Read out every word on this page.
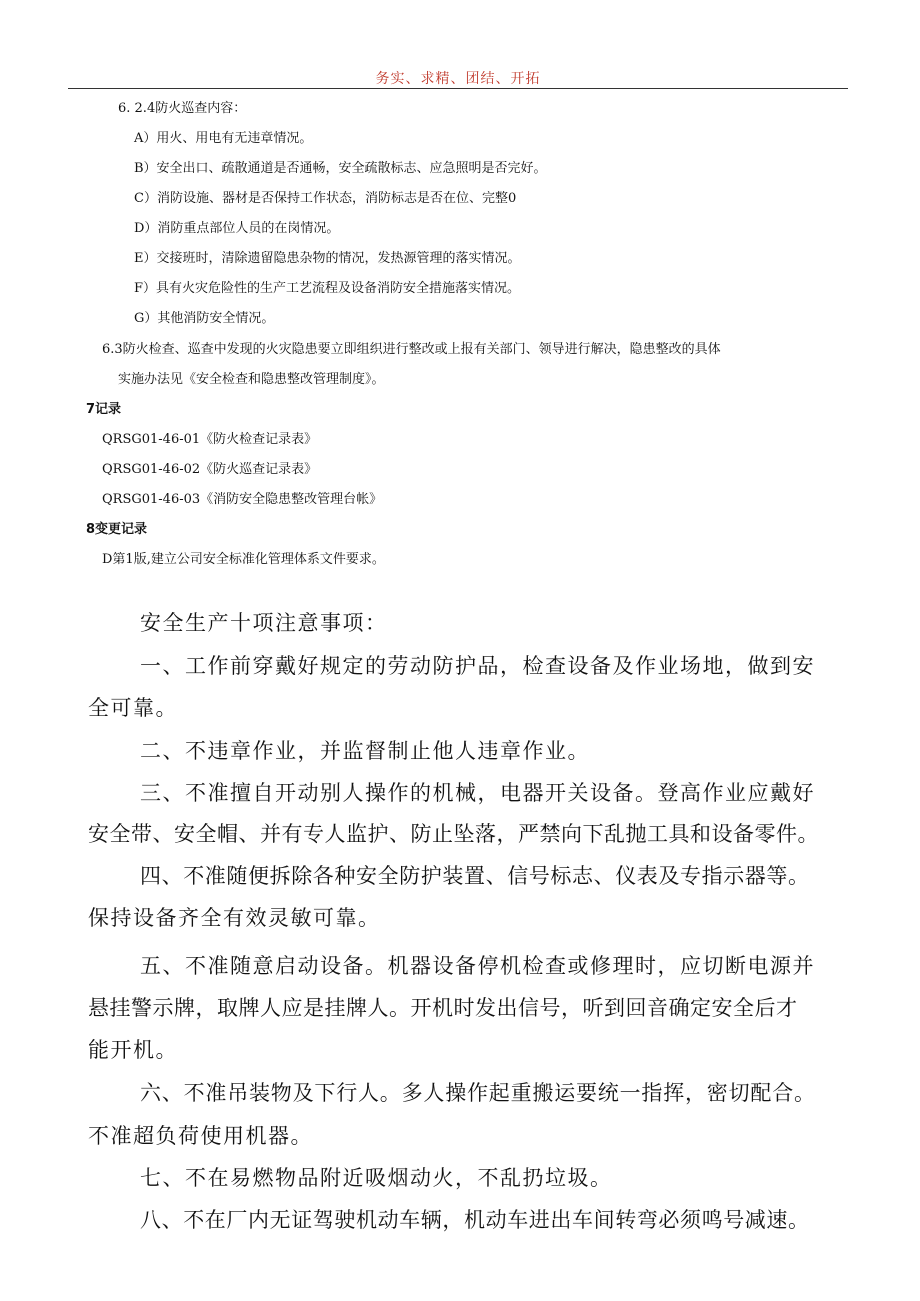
务实、求精、团结、开拓
6. 2.4防火巡查内容：
A）用火、用电有无违章情况。
B）安全出口、疏散通道是否通畅，安全疏散标志、应急照明是否完好。
C）消防设施、器材是否保持工作状态，消防标志是否在位、完整0
D）消防重点部位人员的在岗情况。
E）交接班时，清除遗留隐患杂物的情况，发热源管理的落实情况。
F）具有火灾危险性的生产工艺流程及设备消防安全措施落实情况。
G）其他消防安全情况。
6.3防火检查、巡查中发现的火灾隐患要立即组织进行整改或上报有关部门、领导进行解决，隐患整改的具体
实施办法见《安全检查和隐患整改管理制度》。
7记录
QRSG01-46-01《防火检查记录表》
QRSG01-46-02《防火巡查记录表》
QRSG01-46-03《消防安全隐患整改管理台帐》
8变更记录
D第1版,建立公司安全标准化管理体系文件要求。
安全生产十项注意事项：
一、工作前穿戴好规定的劳动防护品，检查设备及作业场地，做到安
全可靠。
二、不违章作业，并监督制止他人违章作业。
三、不准擅自开动别人操作的机械，电器开关设备。登高作业应戴好
安全带、安全帽、并有专人监护、防止坠落，严禁向下乱抛工具和设备零件。
四、不准随便拆除各种安全防护装置、信号标志、仪表及专指示器等。
保持设备齐全有效灵敏可靠。
五、不准随意启动设备。机器设备停机检查或修理时，应切断电源并
悬挂警示牌，取牌人应是挂牌人。开机时发出信号，听到回音确定安全后才
能开机。
六、不准吊装物及下行人。多人操作起重搬运要统一指挥，密切配合。
不准超负荷使用机器。
七、不在易燃物品附近吸烟动火，不乱扔垃圾。
八、不在厂内无证驾驶机动车辆，机动车进出车间转弯必须鸣号减速。
